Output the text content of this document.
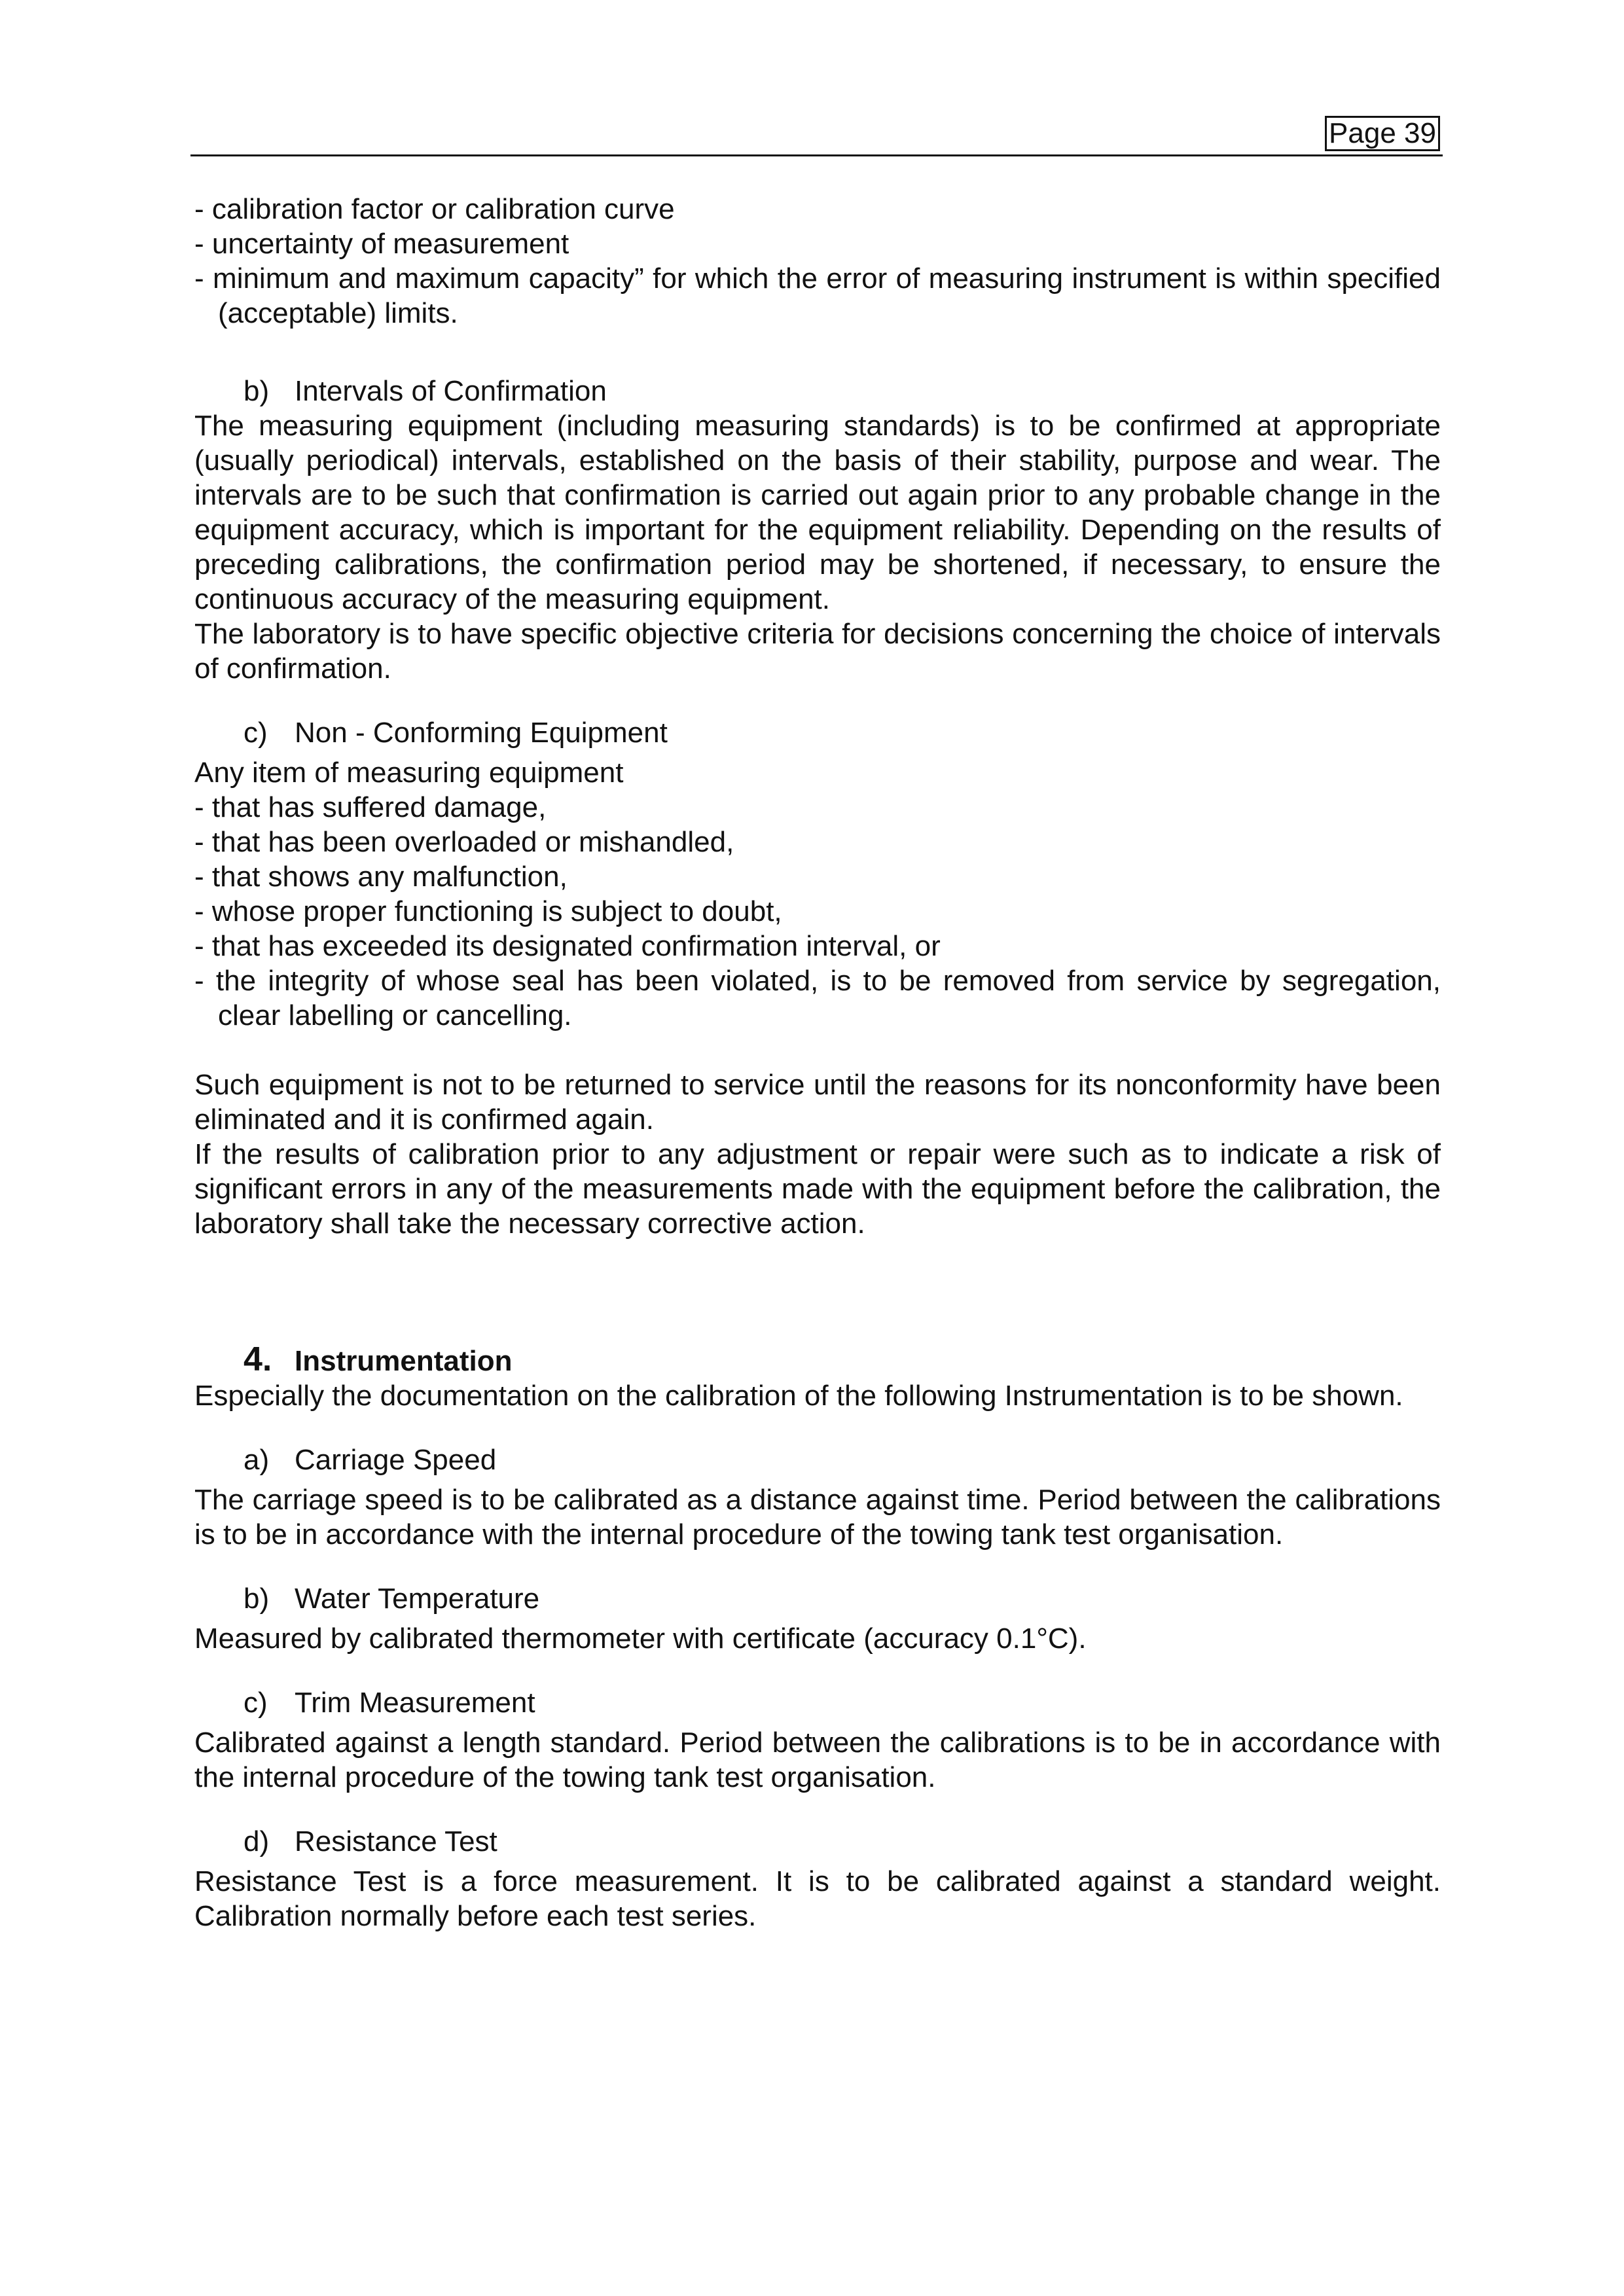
Page 39

- calibration factor or calibration curve

- uncertainty of measurement

- minimum and maximum capacity” for which the error of measuring instrument is within specified (acceptable) limits.

b) Intervals of Confirmation

The measuring equipment (including measuring standards) is to be confirmed at appropriate (usually periodical) intervals, established on the basis of their stability, purpose and wear. The intervals are to be such that confirmation is carried out again prior to any probable change in the equipment accuracy, which is important for the equipment reliability. Depending on the results of preceding calibrations, the confirmation period may be shortened, if necessary, to ensure the continuous accuracy of the measuring equipment.

The laboratory is to have specific objective criteria for decisions concerning the choice of intervals of confirmation.

c) Non - Conforming Equipment

Any item of measuring equipment

- that has suffered damage,

- that has been overloaded or mishandled,

- that shows any malfunction,

- whose proper functioning is subject to doubt,

- that has exceeded its designated confirmation interval, or

- the integrity of whose seal has been violated, is to be removed from service by segregation, clear labelling or cancelling.

Such equipment is not to be returned to service until the reasons for its nonconformity have been eliminated and it is confirmed again.

If the results of calibration prior to any adjustment or repair were such as to indicate a risk of significant errors in any of the measurements made with the equipment before the calibration, the laboratory shall take the necessary corrective action.

4. Instrumentation

Especially the documentation on the calibration of the following Instrumentation is to be shown.

a) Carriage Speed

The carriage speed is to be calibrated as a distance against time. Period between the calibrations is to be in accordance with the internal procedure of the towing tank test organisation.

b) Water Temperature

Measured by calibrated thermometer with certificate (accuracy 0.1°C).

c) Trim Measurement

Calibrated against a length standard. Period between the calibrations is to be in accordance with the internal procedure of the towing tank test organisation.

d) Resistance Test

Resistance Test is a force measurement. It is to be calibrated against a standard weight. Calibration normally before each test series.
